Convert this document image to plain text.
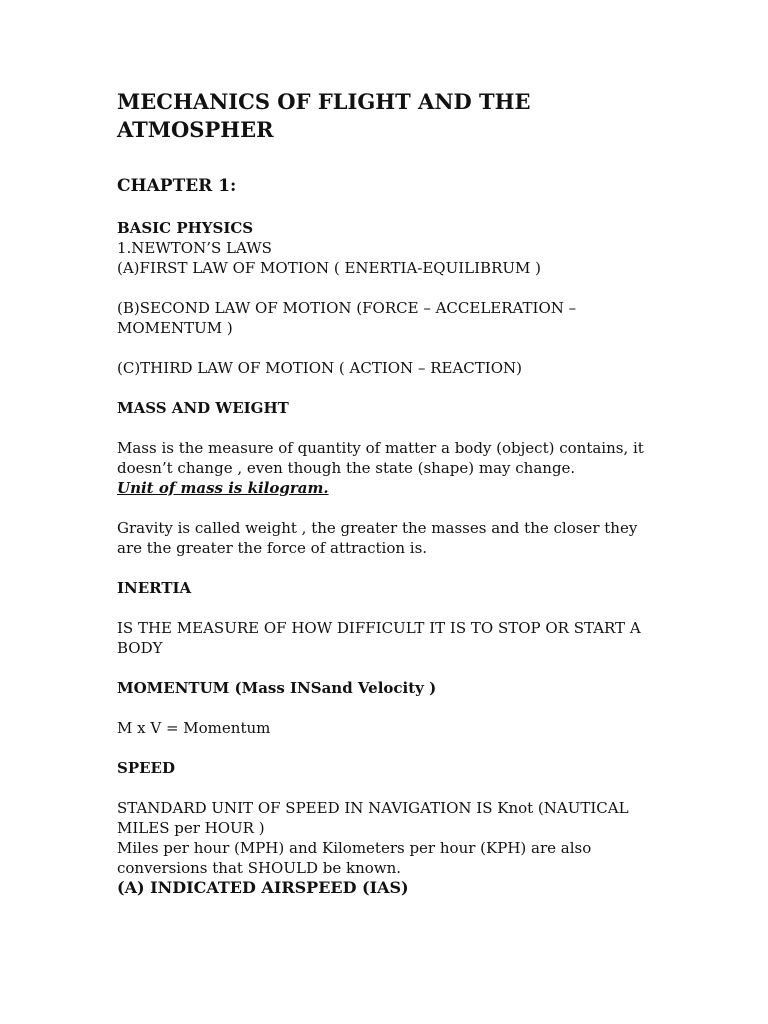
MECHANICS OF FLIGHT AND THE
ATMOSPHER
CHAPTER 1:

BASIC PHYSICS

1.NEWTON’S LAWS

(A)FIRST LAW OF MOTION ( ENERTIA-EQUILIBRUM )

(B)SECOND LAW OF MOTION (FORCE – ACCELERATION – MOMENTUM )

(C)THIRD LAW OF MOTION ( ACTION – REACTION)

MASS AND WEIGHT

Mass is the measure of quantity of matter a body (object) contains, it doesn’t change , even though the state (shape) may change.

Unit of mass is kilogram.

Gravity is called weight , the greater the masses and the closer they are the greater the force of attraction is.

INERTIA

IS THE MEASURE OF HOW DIFFICULT IT IS TO STOP OR START A BODY

MOMENTUM (Mass INSand Velocity )

M x V = Momentum

SPEED

STANDARD UNIT OF SPEED IN NAVIGATION IS Knot (NAUTICAL MILES per HOUR )

Miles per hour (MPH) and Kilometers per hour (KPH) are also conversions that SHOULD be known.

(A) INDICATED AIRSPEED (IAS)
